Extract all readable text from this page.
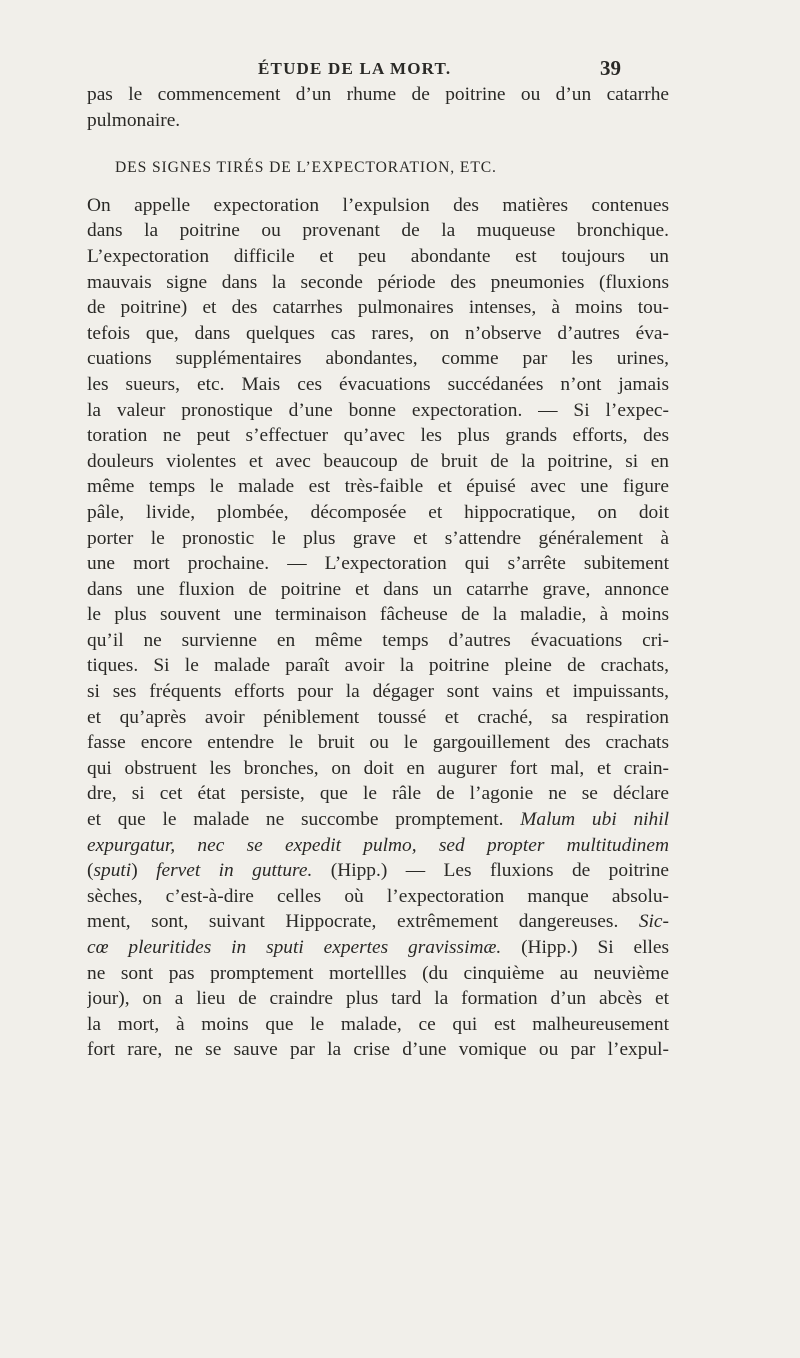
ÉTUDE DE LA MORT.	39
pas le commencement d’un rhume de poitrine ou d’un catarrhe
pulmonaire.
DES SIGNES TIRÉS DE L’EXPECTORATION, ETC.
On appelle expectoration l’expulsion des matières contenues
dans la poitrine ou provenant de la muqueuse bronchique.
L’expectoration difficile et peu abondante est toujours un
mauvais signe dans la seconde période des pneumonies (fluxions
de poitrine) et des catarrhes pulmonaires intenses, à moins tou-
tefois que, dans quelques cas rares, on n’observe d’autres éva-
cuations supplémentaires abondantes, comme par les urines,
les sueurs, etc. Mais ces évacuations succédanées n’ont jamais
la valeur pronostique d’une bonne expectoration. — Si l’expec-
toration ne peut s’effectuer qu’avec les plus grands efforts, des
douleurs violentes et avec beaucoup de bruit de la poitrine, si en
même temps le malade est très-faible et épuisé avec une figure
pâle, livide, plombée, décomposée et hippocratique, on doit
porter le pronostic le plus grave et s’attendre généralement à
une mort prochaine. — L’expectoration qui s’arrête subitement
dans une fluxion de poitrine et dans un catarrhe grave, annonce
le plus souvent une terminaison fâcheuse de la maladie, à moins
qu’il ne survienne en même temps d’autres évacuations cri-
tiques. Si le malade paraît avoir la poitrine pleine de crachats,
si ses fréquents efforts pour la dégager sont vains et impuissants,
et qu’après avoir péniblement toussé et craché, sa respiration
fasse encore entendre le bruit ou le gargouillement des crachats
qui obstruent les bronches, on doit en augurer fort mal, et crain-
dre, si cet état persiste, que le râle de l’agonie ne se déclare
et que le malade ne succombe promptement. Malum ubi nihil
expurgatur, nec se expedit pulmo, sed propter multitudinem
(sputi) fervet in gutture. (Hipp.) — Les fluxions de poitrine
sèches, c’est-à-dire celles où l’expectoration manque absolu-
ment, sont, suivant Hippocrate, extrêmement dangereuses. Sic-
cœ pleuritides in sputi expertes gravissimæ. (Hipp.) Si elles
ne sont pas promptement mortellles (du cinquième au neuvième
jour), on a lieu de craindre plus tard la formation d’un abcès et
la mort, à moins que le malade, ce qui est malheureusement
fort rare, ne se sauve par la crise d’une vomique ou par l’expul-
